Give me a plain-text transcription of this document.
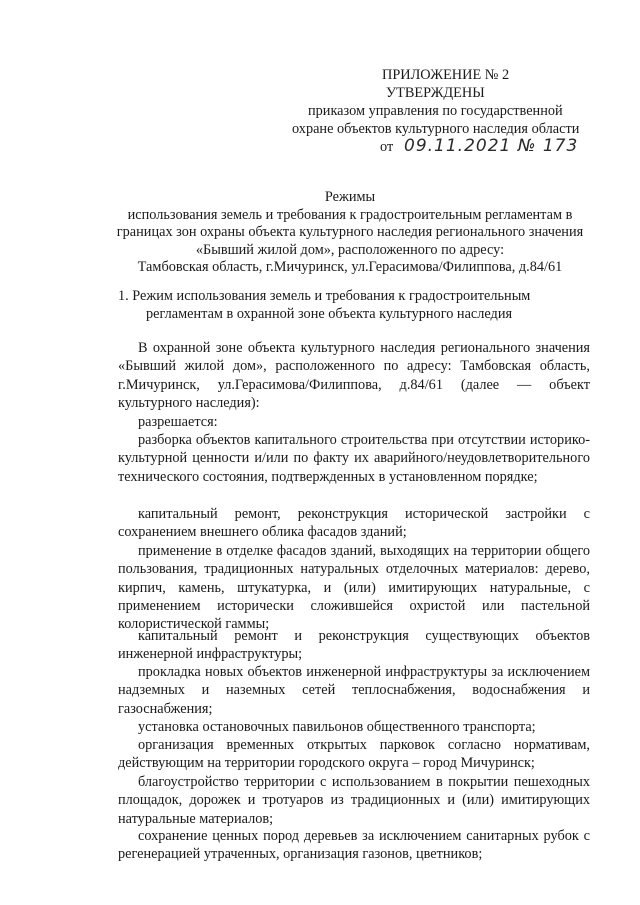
ПРИЛОЖЕНИЕ № 2
УТВЕРЖДЕНЫ
приказом управления по государственной
охране объектов культурного наследия области
от 09.11.2021 № 173
Режимы
использования земель и требования к градостроительным регламентам в
границах зон охраны объекта культурного наследия регионального значения
«Бывший жилой дом», расположенного по адресу:
Тамбовская область, г.Мичуринск, ул.Герасимова/Филиппова, д.84/61
1. Режим использования земель и требования к градостроительным
регламентам в охранной зоне объекта культурного наследия
В охранной зоне объекта культурного наследия регионального значения «Бывший жилой дом», расположенного по адресу: Тамбовская область, г.Мичуринск, ул.Герасимова/Филиппова, д.84/61 (далее — объект культурного наследия):
разрешается:
разборка объектов капитального строительства при отсутствии историко-культурной ценности и/или по факту их аварийного/неудовлетворительного технического состояния, подтвержденных в установленном порядке;
капитальный ремонт, реконструкция исторической застройки с сохранением внешнего облика фасадов зданий;
применение в отделке фасадов зданий, выходящих на территории общего пользования, традиционных натуральных отделочных материалов: дерево, кирпич, камень, штукатурка, и (или) имитирующих натуральные, с применением исторически сложившейся охристой или пастельной колористической гаммы;
капитальный ремонт и реконструкция существующих объектов инженерной инфраструктуры;
прокладка новых объектов инженерной инфраструктуры за исключением надземных и наземных сетей теплоснабжения, водоснабжения и газоснабжения;
установка остановочных павильонов общественного транспорта;
организация временных открытых парковок согласно нормативам, действующим на территории городского округа – город Мичуринск;
благоустройство территории с использованием в покрытии пешеходных площадок, дорожек и тротуаров из традиционных и (или) имитирующих натуральные материалов;
сохранение ценных пород деревьев за исключением санитарных рубок с регенерацией утраченных, организация газонов, цветников;
